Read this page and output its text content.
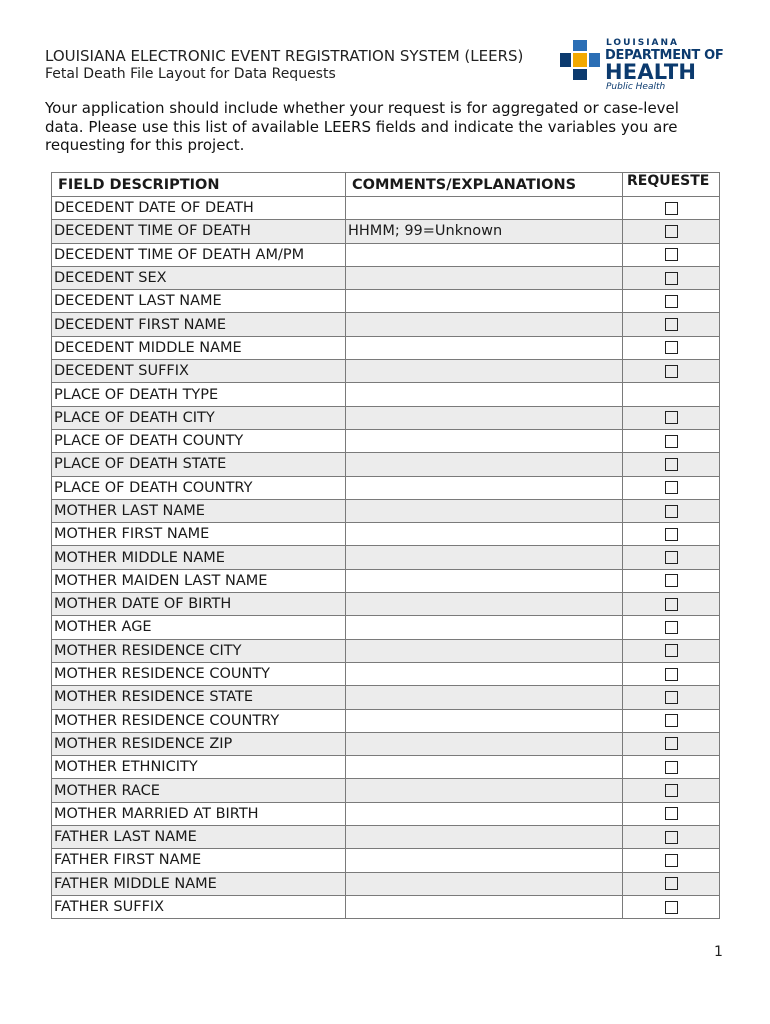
LOUISIANA ELECTRONIC EVENT REGISTRATION SYSTEM (LEERS)
Fetal Death File Layout for Data Requests
LOUISIANA
DEPARTMENT OF
HEALTH
Public Health
Your application should include whether your request is for aggregated or case-level data. Please use this list of available LEERS fields and indicate the variables you are requesting for this project.
FIELD DESCRIPTION	COMMENTS/EXPLANATIONS	REQUESTE
DECEDENT DATE OF DEATH		
DECEDENT TIME OF DEATH	HHMM; 99=Unknown	
DECEDENT TIME OF DEATH AM/PM		
DECEDENT SEX		
DECEDENT LAST NAME		
DECEDENT FIRST NAME		
DECEDENT MIDDLE NAME		
DECEDENT SUFFIX		
PLACE OF DEATH TYPE		
PLACE OF DEATH CITY		
PLACE OF DEATH COUNTY		
PLACE OF DEATH STATE		
PLACE OF DEATH COUNTRY		
MOTHER LAST NAME		
MOTHER FIRST NAME		
MOTHER MIDDLE NAME		
MOTHER MAIDEN LAST NAME		
MOTHER DATE OF BIRTH		
MOTHER AGE		
MOTHER RESIDENCE CITY		
MOTHER RESIDENCE COUNTY		
MOTHER RESIDENCE STATE		
MOTHER RESIDENCE COUNTRY		
MOTHER RESIDENCE ZIP		
MOTHER ETHNICITY		
MOTHER RACE		
MOTHER MARRIED AT BIRTH		
FATHER LAST NAME		
FATHER FIRST NAME		
FATHER MIDDLE NAME		
FATHER SUFFIX		
1
